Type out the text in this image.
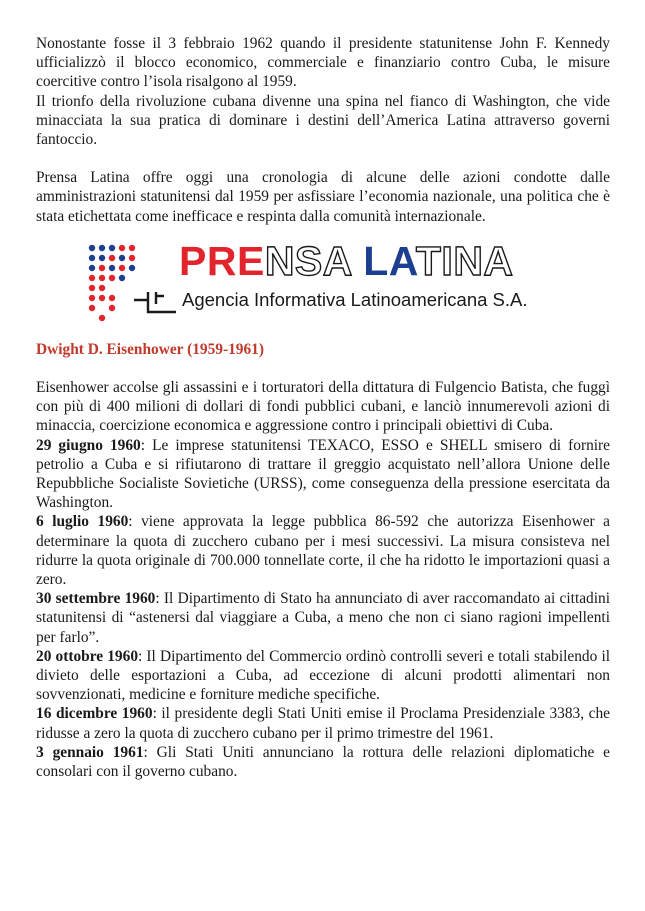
Nonostante fosse il 3 febbraio 1962 quando il presidente statunitense John F. Kennedy ufficializzò il blocco economico, commerciale e finanziario contro Cuba, le misure coercitive contro l’isola risalgono al 1959.

Il trionfo della rivoluzione cubana divenne una spina nel fianco di Washington, che vide minacciata la sua pratica di dominare i destini dell’America Latina attraverso governi fantoccio.

Prensa Latina offre oggi una cronologia di alcune delle azioni condotte dalle amministrazioni statunitensi dal 1959 per asfissiare l’economia nazionale, una politica che è stata etichettata come inefficace e respinta dalla comunità internazionale.

PRENSA LATINA
Agencia Informativa Latinoamericana S.A.

Dwight D. Eisenhower (1959-1961)

Eisenhower accolse gli assassini e i torturatori della dittatura di Fulgencio Batista, che fuggì con più di 400 milioni di dollari di fondi pubblici cubani, e lanciò innumerevoli azioni di minaccia, coercizione economica e aggressione contro i principali obiettivi di Cuba.

29 giugno 1960: Le imprese statunitensi TEXACO, ESSO e SHELL smisero di fornire petrolio a Cuba e si rifiutarono di trattare il greggio acquistato nell’allora Unione delle Repubbliche Socialiste Sovietiche (URSS), come conseguenza della pressione esercitata da Washington.

6 luglio 1960: viene approvata la legge pubblica 86-592 che autorizza Eisenhower a determinare la quota di zucchero cubano per i mesi successivi. La misura consisteva nel ridurre la quota originale di 700.000 tonnellate corte, il che ha ridotto le importazioni quasi a zero.

30 settembre 1960: Il Dipartimento di Stato ha annunciato di aver raccomandato ai cittadini statunitensi di “astenersi dal viaggiare a Cuba, a meno che non ci siano ragioni impellenti per farlo”.

20 ottobre 1960: Il Dipartimento del Commercio ordinò controlli severi e totali stabilendo il divieto delle esportazioni a Cuba, ad eccezione di alcuni prodotti alimentari non sovvenzionati, medicine e forniture mediche specifiche.

16 dicembre 1960: il presidente degli Stati Uniti emise il Proclama Presidenziale 3383, che ridusse a zero la quota di zucchero cubano per il primo trimestre del 1961.

3 gennaio 1961: Gli Stati Uniti annunciano la rottura delle relazioni diplomatiche e consolari con il governo cubano.
